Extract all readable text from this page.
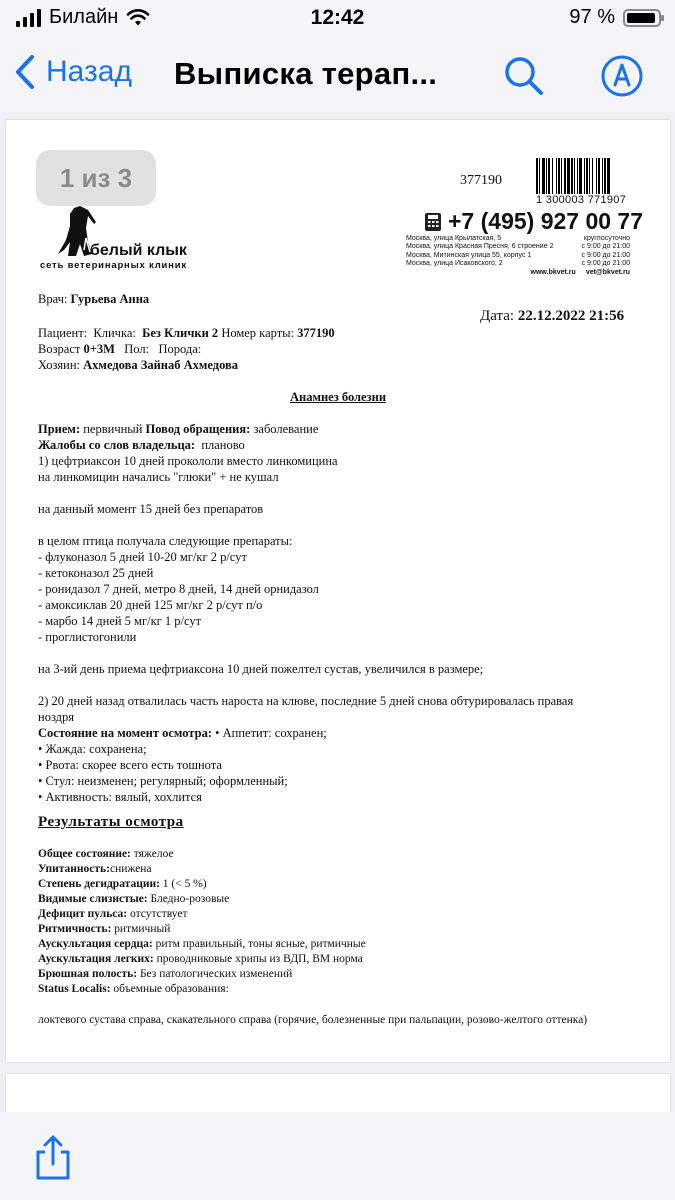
Билайн	12:42	97 %
Назад Выписка терап...
1 из 3	377190
1 300003 771907
+7 (495) 927 00 77
Москва, улица Крылатская, 5	круглосуточно
Москва, улица Красная Пресня, 6 строение 2	с 9:00 до 21:00
Москва, Митинская улица 55, корпус 1	с 9:00 до 21:00
Москва, улица Исаковского, 2	с 9:00 до 21:00
www.bkvet.ru vet@bkvet.ru
белый клык
сеть ветеринарных клиник
Врач: Гурьева Анна
Дата: 22.12.2022 21:56
Пациент: Кличка: Без Клички 2 Номер карты: 377190
Возраст 0+3М Пол: Порода:
Хозяин: Ахмедова Зайнаб Ахмедова
Анамнез болезни
Прием: первичный Повод обращения: заболевание
Жалобы со слов владельца: планово
1) цефтриаксон 10 дней прокололи вместо линкомицина
на линкомицин начались "глюки" + не кушал
на данный момент 15 дней без препаратов
в целом птица получала следующие препараты:
- флуконазол 5 дней 10-20 мг/кг 2 р/сут
- кетоконазол 25 дней
- ронидазол 7 дней, метро 8 дней, 14 дней орнидазол
- амоксиклав 20 дней 125 мг/кг 2 р/сут п/о
- марбо 14 дней 5 мг/кг 1 р/сут
- проглистогонили
на 3-ий день приема цефтриаксона 10 дней пожелтел сустав, увеличился в размере;
2) 20 дней назад отвалилась часть нароста на клюве, последние 5 дней снова обтурировалась правая
ноздря
Состояние на момент осмотра: • Аппетит: сохранен;
• Жажда: сохранена;
• Рвота: скорее всего есть тошнота
• Стул: неизменен; регулярный; оформленный;
• Активность: вялый, хохлится
Результаты осмотра
Общее состояние: тяжелое
Упитанность:снижена
Степень дегидратации: 1 (< 5 %)
Видимые слизистые: Бледно-розовые
Дефицит пульса: отсутствует
Ритмичность: ритмичный
Аускультация сердца: ритм правильный, тоны ясные, ритмичные
Аускультация легких: проводниковые хрипы из ВДП, ВМ норма
Брюшная полость: Без патологических изменений
Status Localis: объемные образования:
локтевого сустава справа, скакательного справа (горячие, болезненные при пальпации, розово-желтого оттенка)
